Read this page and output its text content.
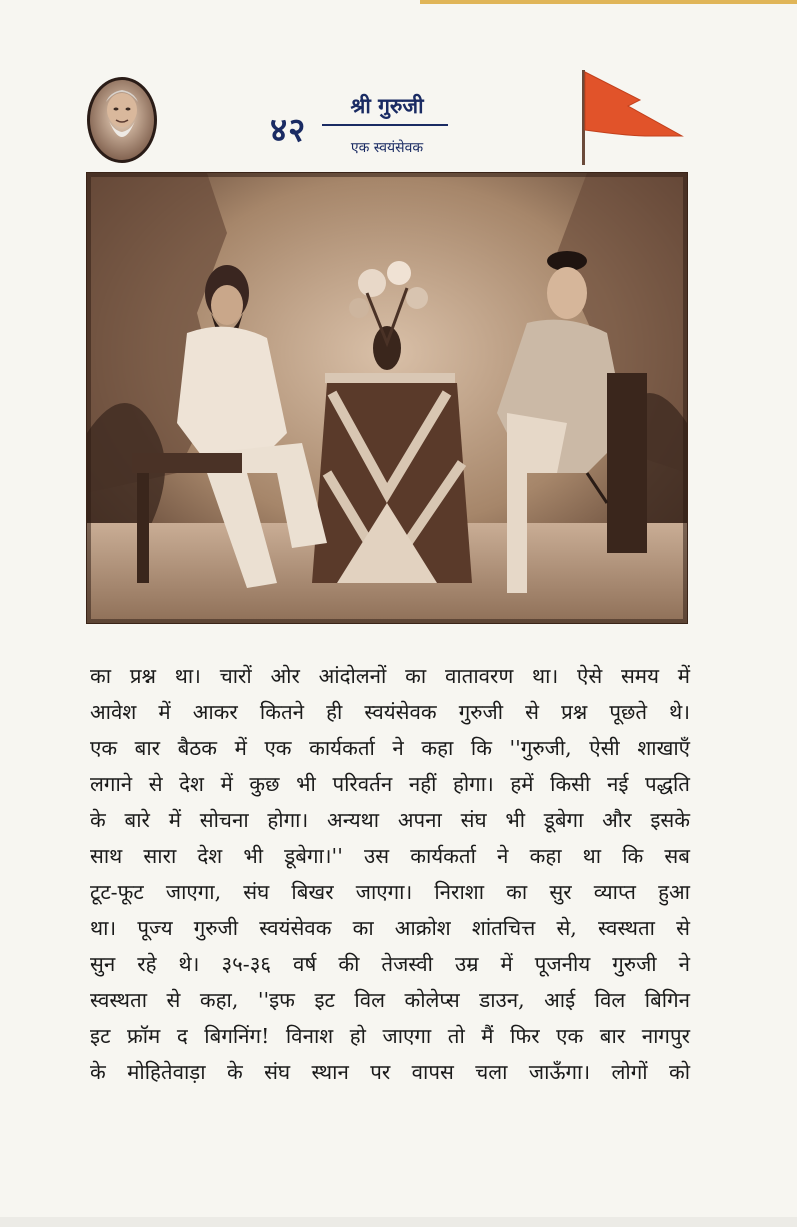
४२
श्री गुरुजी
एक स्वयंसेवक
का प्रश्न था। चारों ओर आंदोलनों का वातावरण था। ऐसे समय में
आवेश में आकर कितने ही स्वयंसेवक गुरुजी से प्रश्न पूछते थे।
एक बार बैठक में एक कार्यकर्ता ने कहा कि ''गुरुजी, ऐसी शाखाएँ
लगाने से देश में कुछ भी परिवर्तन नहीं होगा। हमें किसी नई पद्धति
के बारे में सोचना होगा। अन्यथा अपना संघ भी डूबेगा और इसके
साथ सारा देश भी डूबेगा।'' उस कार्यकर्ता ने कहा था कि सब
टूट-फूट जाएगा, संघ बिखर जाएगा। निराशा का सुर व्याप्त हुआ
था। पूज्य गुरुजी स्वयंसेवक का आक्रोश शांतचित्त से, स्वस्थता से
सुन रहे थे। ३५-३६ वर्ष की तेजस्वी उम्र में पूजनीय गुरुजी ने
स्वस्थता से कहा, ''इफ इट विल कोलेप्स डाउन, आई विल बिगिन
इट फ्रॉम द बिगनिंग! विनाश हो जाएगा तो मैं फिर एक बार नागपुर
के मोहितेवाड़ा के संघ स्थान पर वापस चला जाऊँगा। लोगों को
